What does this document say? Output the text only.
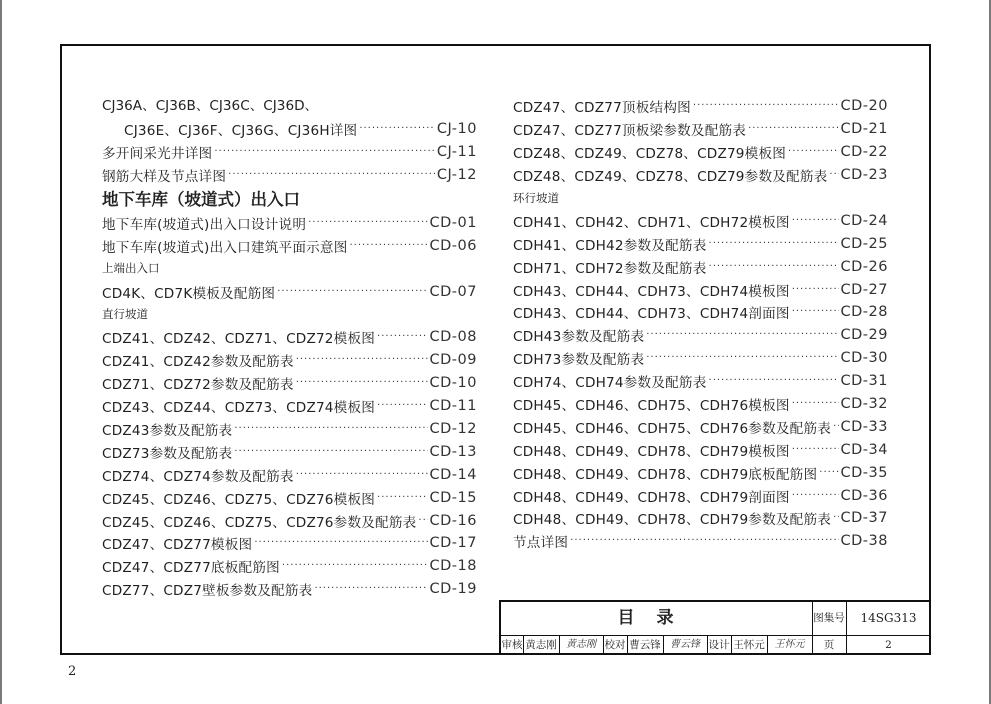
CJ36A、CJ36B、CJ36C、CJ36D、
CJ36E、CJ36F、CJ36G、CJ36H详图 ·····	CJ-10
多开间采光井详图 ·····	CJ-11
钢筋大样及节点详图 ·····	CJ-12
地下车库（坡道式）出入口
地下车库(坡道式)出入口设计说明 ·····	CD-01
地下车库(坡道式)出入口建筑平面示意图 ·····	CD-06
上端出入口
CD4K、CD7K模板及配筋图 ·····	CD-07
直行坡道
CDZ41、CDZ42、CDZ71、CDZ72模板图 ·····	CD-08
CDZ41、CDZ42参数及配筋表 ·····	CD-09
CDZ71、CDZ72参数及配筋表 ·····	CD-10
CDZ43、CDZ44、CDZ73、CDZ74模板图 ·····	CD-11
CDZ43参数及配筋表 ·····	CD-12
CDZ73参数及配筋表 ·····	CD-13
CDZ74、CDZ74参数及配筋表 ·····	CD-14
CDZ45、CDZ46、CDZ75、CDZ76模板图 ·····	CD-15
CDZ45、CDZ46、CDZ75、CDZ76参数及配筋表 ····· CD-16
CDZ47、CDZ77模板图 ·····	CD-17
CDZ47、CDZ77底板配筋图 ·····	CD-18
CDZ77、CDZ7壁板参数及配筋表 ·····	CD-19
CDZ47、CDZ77顶板结构图 ·····	CD-20
CDZ47、CDZ77顶板梁参数及配筋表 ·····	CD-21
CDZ48、CDZ49、CDZ78、CDZ79模板图 ·····	CD-22
CDZ48、CDZ49、CDZ78、CDZ79参数及配筋表 ····· CD-23
环行坡道
CDH41、CDH42、CDH71、CDH72模板图 ·····	CD-24
CDH41、CDH42参数及配筋表 ·····	CD-25
CDH71、CDH72参数及配筋表 ·····	CD-26
CDH43、CDH44、CDH73、CDH74模板图 ·····	CD-27
CDH43、CDH44、CDH73、CDH74剖面图 ·····	CD-28
CDH43参数及配筋表 ·····	CD-29
CDH73参数及配筋表 ·····	CD-30
CDH74、CDH74参数及配筋表 ·····	CD-31
CDH45、CDH46、CDH75、CDH76模板图 ·····	CD-32
CDH45、CDH46、CDH75、CDH76参数及配筋表 ····· CD-33
CDH48、CDH49、CDH78、CDH79模板图 ·····	CD-34
CDH48、CDH49、CDH78、CDH79底板配筋图 ····· CD-35
CDH48、CDH49、CDH78、CDH79剖面图 ·····	CD-36
CDH48、CDH49、CDH78、CDH79参数及配筋表 ····· CD-37
节点详图 ·····	CD-38
目录	图集号	14SG313
审核 黄志刚 黄志刚 校对 曹云锋 曹云锋 设计 王怀元 王怀元	页	2
2
